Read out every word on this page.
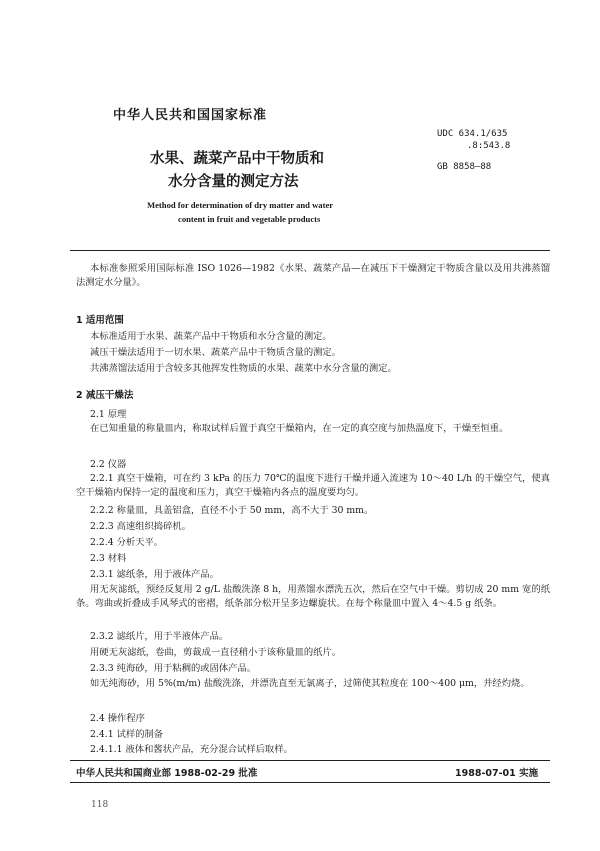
中华人民共和国国家标准
水果、蔬菜产品中干物质和
水分含量的测定方法
Method for determination of dry matter and water
content in fruit and vegetable products
UDC 634.1/635
.8:543.8
GB 8858—88
本标准参照采用国际标准 ISO 1026—1982《水果、蔬菜产品—在减压下干燥测定干物质含量以及用共沸蒸馏法测定水分量》。
1 适用范围
本标准适用于水果、蔬菜产品中干物质和水分含量的测定。
减压干燥法适用于一切水果、蔬菜产品中干物质含量的测定。
共沸蒸馏法适用于含较多其他挥发性物质的水果、蔬菜中水分含量的测定。
2 减压干燥法
2.1 原理
在已知重量的称量皿内，称取试样后置于真空干燥箱内，在一定的真空度与加热温度下，干燥至恒重。
2.2 仪器
2.2.1 真空干燥箱，可在约 3 kPa 的压力 70℃的温度下进行干燥并通入流速为 10～40 L/h 的干燥空气，使真空干燥箱内保持一定的温度和压力，真空干燥箱内各点的温度要均匀。
2.2.2 称量皿，具盖铝盒，直径不小于 50 mm，高不大于 30 mm。
2.2.3 高速组织捣碎机。
2.2.4 分析天平。
2.3 材料
2.3.1 滤纸条，用于液体产品。
用无灰滤纸，预经反复用 2 g/L 盐酸洗涤 8 h，用蒸馏水漂洗五次，然后在空气中干燥。剪切成 20 mm 宽的纸条。弯曲或折叠成手风琴式的密褶，纸条部分松开呈多边螺旋状。在每个称量皿中置入 4～4.5 g 纸条。
2.3.2 滤纸片，用于半液体产品。
用硬无灰滤纸，卷曲，剪裁成一直径稍小于该称量皿的纸片。
2.3.3 纯海砂，用于粘稠的或固体产品。
如无纯海砂，用 5%(m/m) 盐酸洗涤，并漂洗直至无氯离子，过筛使其粒度在 100～400 μm，并经灼烧。
2.4 操作程序
2.4.1 试样的制备
2.4.1.1 液体和酱状产品，充分混合试样后取样。
中华人民共和国商业部 1988-02-29 批准	1988-07-01 实施
118
